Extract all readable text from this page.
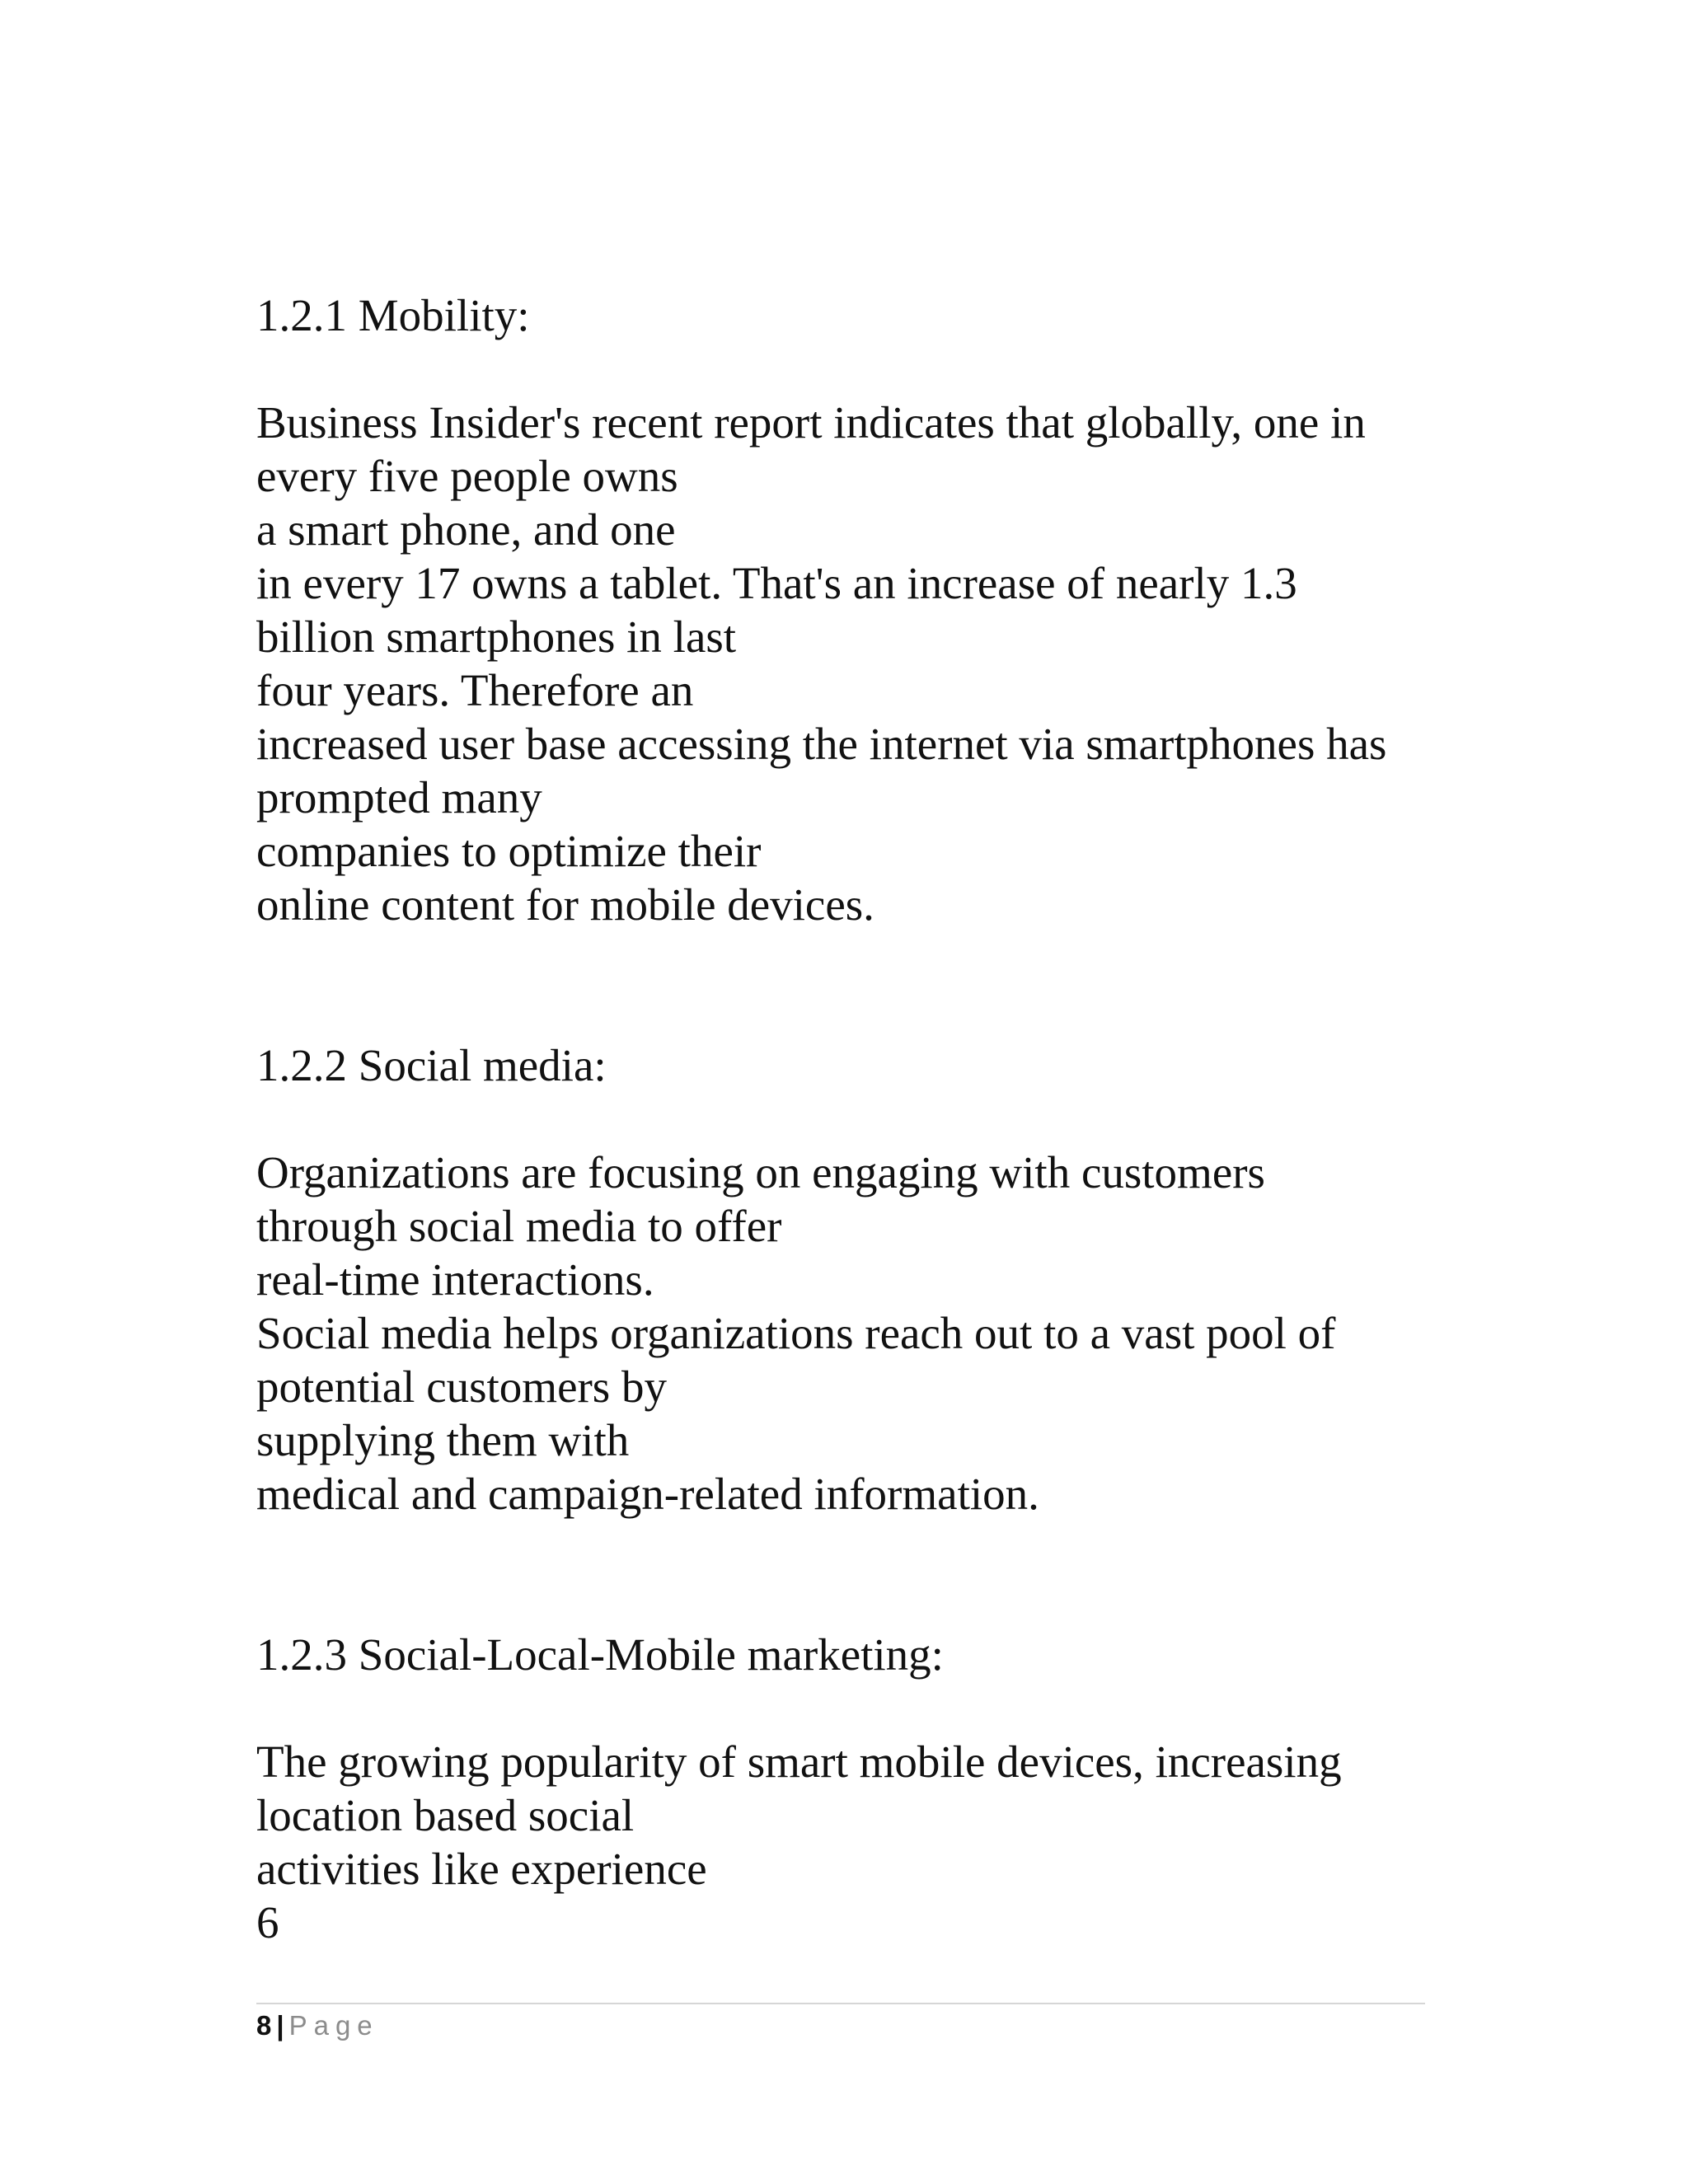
1.2.1 Mobility:

Business Insider's recent report indicates that globally, one in
every five people owns
a smart phone, and one
in every 17 owns a tablet. That's an increase of nearly 1.3
billion smartphones in last
four years. Therefore an
increased user base accessing the internet via smartphones has
prompted many
companies to optimize their
online content for mobile devices.

1.2.2 Social media:

Organizations are focusing on engaging with customers
through social media to offer
real-time interactions.
Social media helps organizations reach out to a vast pool of
potential customers by
supplying them with
medical and campaign-related information.

1.2.3 Social-Local-Mobile marketing:

The growing popularity of smart mobile devices, increasing
location based social
activities like experience
6

8 | Page
